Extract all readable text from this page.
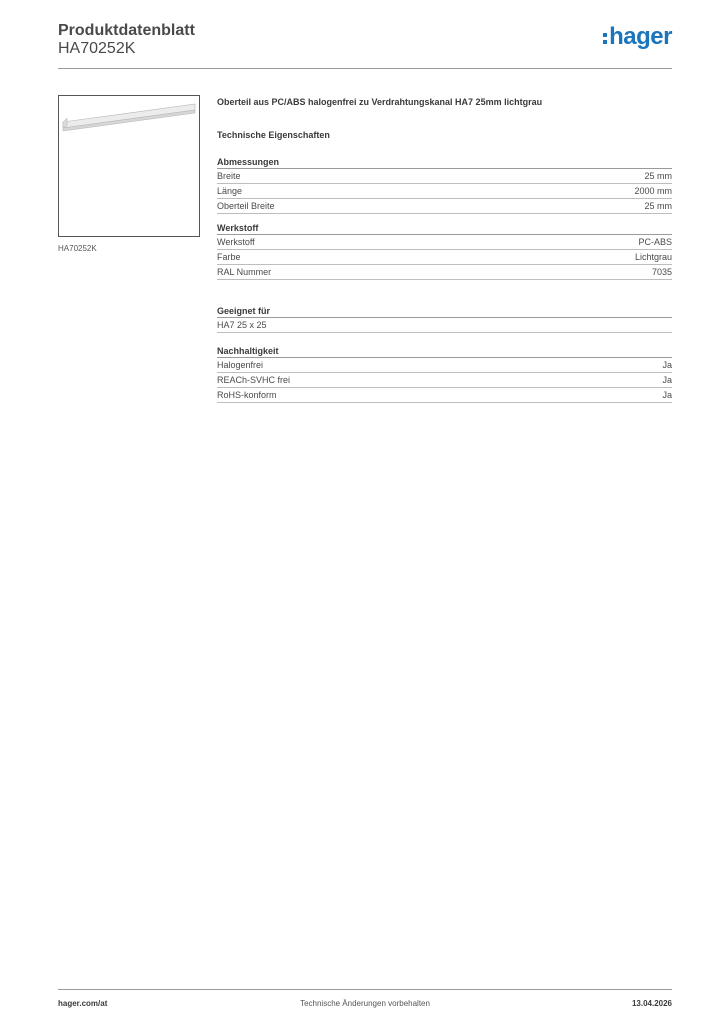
Produktdatenblatt
HA70252K	hager
HA70252K
Oberteil aus PC/ABS halogenfrei zu Verdrahtungskanal HA7 25mm lichtgrau
Technische Eigenschaften
Abmessungen
Breite	25 mm
Länge	2000 mm
Oberteil Breite	25 mm
Werkstoff
Werkstoff	PC-ABS
Farbe	Lichtgrau
RAL Nummer	7035
Geeignet für
HA7 25 x 25
Nachhaltigkeit
Halogenfrei	Ja
REACh-SVHC frei	Ja
RoHS-konform	Ja
hager.com/at	Technische Änderungen vorbehalten	13.04.2026
